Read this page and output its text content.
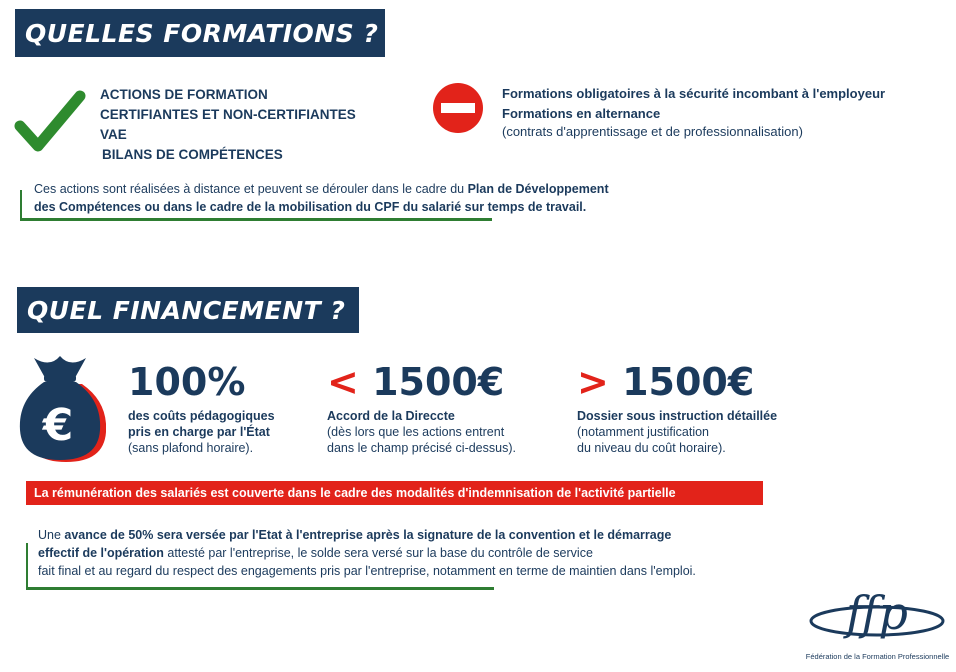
QUELLES FORMATIONS ?
ACTIONS DE FORMATION
CERTIFIANTES ET NON-CERTIFIANTES
VAE
BILANS DE COMPÉTENCES
Formations obligatoires à la sécurité incombant à l'employeur
Formations en alternance
(contrats d'apprentissage et de professionnalisation)
Ces actions sont réalisées à distance et peuvent se dérouler dans le cadre du Plan de Développement
des Compétences ou dans le cadre de la mobilisation du CPF du salarié sur temps de travail.
QUEL FINANCEMENT ?
€
100%
des coûts pédagogiques
pris en charge par l'État
(sans plafond horaire).
< 1500€
Accord de la Direccte
(dès lors que les actions entrent
dans le champ précisé ci-dessus).
> 1500€
Dossier sous instruction détaillée
(notamment justification
du niveau du coût horaire).
La rémunération des salariés est couverte dans le cadre des modalités d'indemnisation de l'activité partielle
Une avance de 50% sera versée par l'Etat à l'entreprise après la signature de la convention et le démarrage
effectif de l'opération attesté par l'entreprise, le solde sera versé sur la base du contrôle de service
fait final et au regard du respect des engagements pris par l'entreprise, notamment en terme de maintien dans l'emploi.
ffp
Fédération de la Formation Professionnelle
